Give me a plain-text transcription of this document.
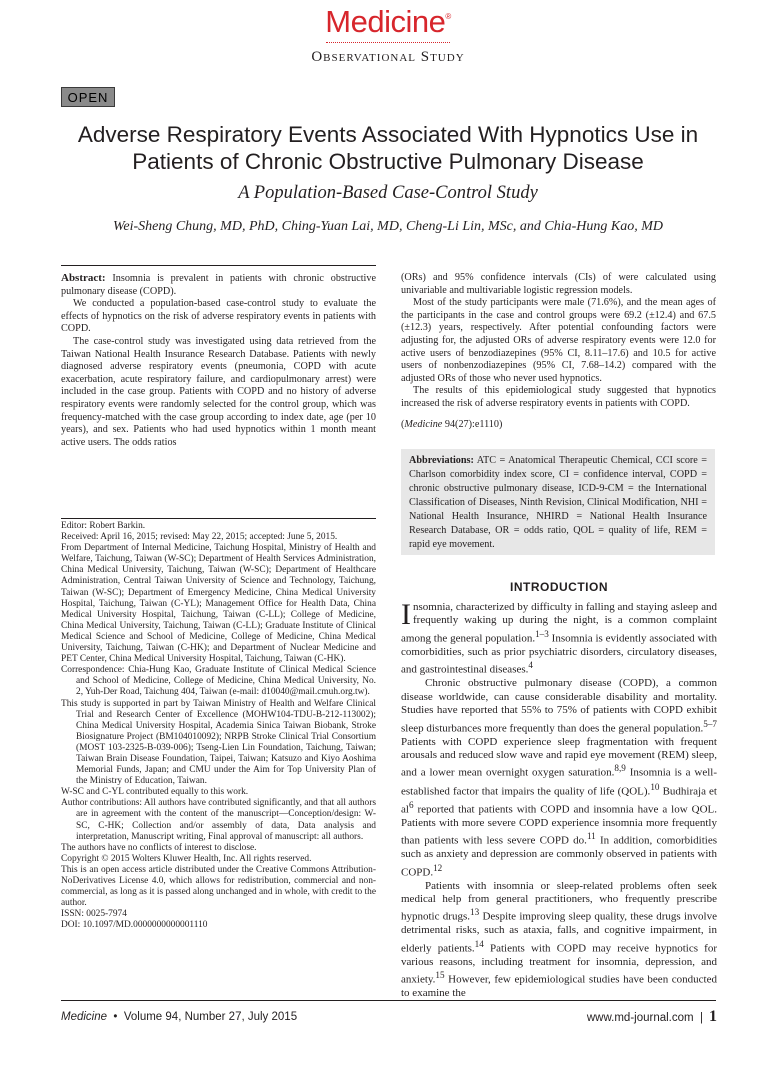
Medicine®
Observational Study
OPEN
Adverse Respiratory Events Associated With Hypnotics Use in Patients of Chronic Obstructive Pulmonary Disease
A Population-Based Case-Control Study
Wei-Sheng Chung, MD, PhD, Ching-Yuan Lai, MD, Cheng-Li Lin, MSc, and Chia-Hung Kao, MD

Abstract: Insomnia is prevalent in patients with chronic obstructive pulmonary disease (COPD).

We conducted a population-based case-control study to evaluate the effects of hypnotics on the risk of adverse respiratory events in patients with COPD.

The case-control study was investigated using data retrieved from the Taiwan National Health Insurance Research Database. Patients with newly diagnosed adverse respiratory events (pneumonia, COPD with acute exacerbation, acute respiratory failure, and cardiopulmonary arrest) were included in the case group. Patients with COPD and no history of adverse respiratory events were randomly selected for the control group, which was frequency-matched with the case group according to index date, age (per 10 years), and sex. Patients who had used hypnotics within 1 month meant active users. The odds ratios

(ORs) and 95% confidence intervals (CIs) of were calculated using univariable and multivariable logistic regression models.

Most of the study participants were male (71.6%), and the mean ages of the participants in the case and control groups were 69.2 (±12.4) and 67.5 (±12.3) years, respectively. After potential confounding factors were adjusting for, the adjusted ORs of adverse respiratory events were 12.0 for active users of benzodiazepines (95% CI, 8.11–17.6) and 10.5 for active users of nonbenzodiazepines (95% CI, 7.68–14.2) compared with the adjusted ORs of those who never used hypnotics.

The results of this epidemiological study suggested that hypnotics increased the risk of adverse respiratory events in patients with COPD.

(Medicine 94(27):e1110)

Abbreviations: ATC = Anatomical Therapeutic Chemical, CCI score = Charlson comorbidity index score, CI = confidence interval, COPD = chronic obstructive pulmonary disease, ICD-9-CM = the International Classification of Diseases, Ninth Revision, Clinical Modification, NHI = National Health Insurance, NHIRD = National Health Insurance Research Database, OR = odds ratio, QOL = quality of life, REM = rapid eye movement.

Editor: Robert Barkin.

Received: April 16, 2015; revised: May 22, 2015; accepted: June 5, 2015.

From Department of Internal Medicine, Taichung Hospital, Ministry of Health and Welfare, Taichung, Taiwan (W-SC); Department of Health Services Administration, China Medical University, Taichung, Taiwan (W-SC); Department of Healthcare Administration, Central Taiwan University of Science and Technology, Taichung, Taiwan (W-SC); Department of Emergency Medicine, China Medical University Hospital, Taichung, Taiwan (C-YL); Management Office for Health Data, China Medical University Hospital, Taichung, Taiwan (C-LL); College of Medicine, China Medical University, Taichung, Taiwan (C-LL); Graduate Institute of Clinical Medical Science and School of Medicine, College of Medicine, China Medical University, Taichung, Taiwan (C-HK); and Department of Nuclear Medicine and PET Center, China Medical University Hospital, Taichung, Taiwan (C-HK).

Correspondence: Chia-Hung Kao, Graduate Institute of Clinical Medical Science and School of Medicine, College of Medicine, China Medical University, No. 2, Yuh-Der Road, Taichung 404, Taiwan (e-mail: d10040@mail.cmuh.org.tw).

This study is supported in part by Taiwan Ministry of Health and Welfare Clinical Trial and Research Center of Excellence (MOHW104-TDU-B-212-113002); China Medical University Hospital, Academia Sinica Taiwan Biobank, Stroke Biosignature Project (BM104010092); NRPB Stroke Clinical Trial Consortium (MOST 103-2325-B-039-006); Tseng-Lien Lin Foundation, Taichung, Taiwan; Taiwan Brain Disease Foundation, Taipei, Taiwan; Katsuzo and Kiyo Aoshima Memorial Funds, Japan; and CMU under the Aim for Top University Plan of the Ministry of Education, Taiwan.

W-SC and C-YL contributed equally to this work.

Author contributions: All authors have contributed significantly, and that all authors are in agreement with the content of the manuscript—Conception/design: W-SC, C-HK; Collection and/or assembly of data, Data analysis and interpretation, Manuscript writing, Final approval of manuscript: all authors.

The authors have no conflicts of interest to disclose.

Copyright © 2015 Wolters Kluwer Health, Inc. All rights reserved.

This is an open access article distributed under the Creative Commons Attribution-NoDerivatives License 4.0, which allows for redistribution, commercial and non-commercial, as long as it is passed along unchanged and in whole, with credit to the author.

ISSN: 0025-7974

DOI: 10.1097/MD.0000000000001110

INTRODUCTION

Insomnia, characterized by difficulty in falling and staying asleep and frequently waking up during the night, is a common complaint among the general population.$^{1-3}$ Insomnia is evidently associated with comorbidities, such as prior psychiatric disorders, circulatory diseases, and gastrointestinal diseases.$^4$

Chronic obstructive pulmonary disease (COPD), a common disease worldwide, can cause considerable disability and mortality. Studies have reported that 55% to 75% of patients with COPD exhibit sleep disturbances more frequently than does the general population.$^{5-7}$ Patients with COPD experience sleep fragmentation with frequent arousals and reduced slow wave and rapid eye movement (REM) sleep, and a lower mean overnight oxygen saturation.$^{8,9}$ Insomnia is a well-established factor that impairs the quality of life (QOL).$^{10}$ Budhiraja et $al^6$ reported that patients with COPD and insomnia have a low QOL. Patients with more severe COPD experience insomnia more frequently than patients with less severe COPD do.$^{11}$ In addition, comorbidities such as anxiety and depression are commonly observed in patients with COPD.$^{12}$

Patients with insomnia or sleep-related problems often seek medical help from general practitioners, who frequently prescribe hypnotic drugs.$^{13}$ Despite improving sleep quality, these drugs involve detrimental risks, such as ataxia, falls, and cognitive impairment, in elderly patients.$^{14}$ Patients with COPD may receive hypnotics for various reasons, including treatment for insomnia, depression, and anxiety.$^{15}$ However, few epidemiological studies have been conducted to examine the

Medicine  •  Volume 94, Number 27, July 2015	www.md-journal.com  | 1
